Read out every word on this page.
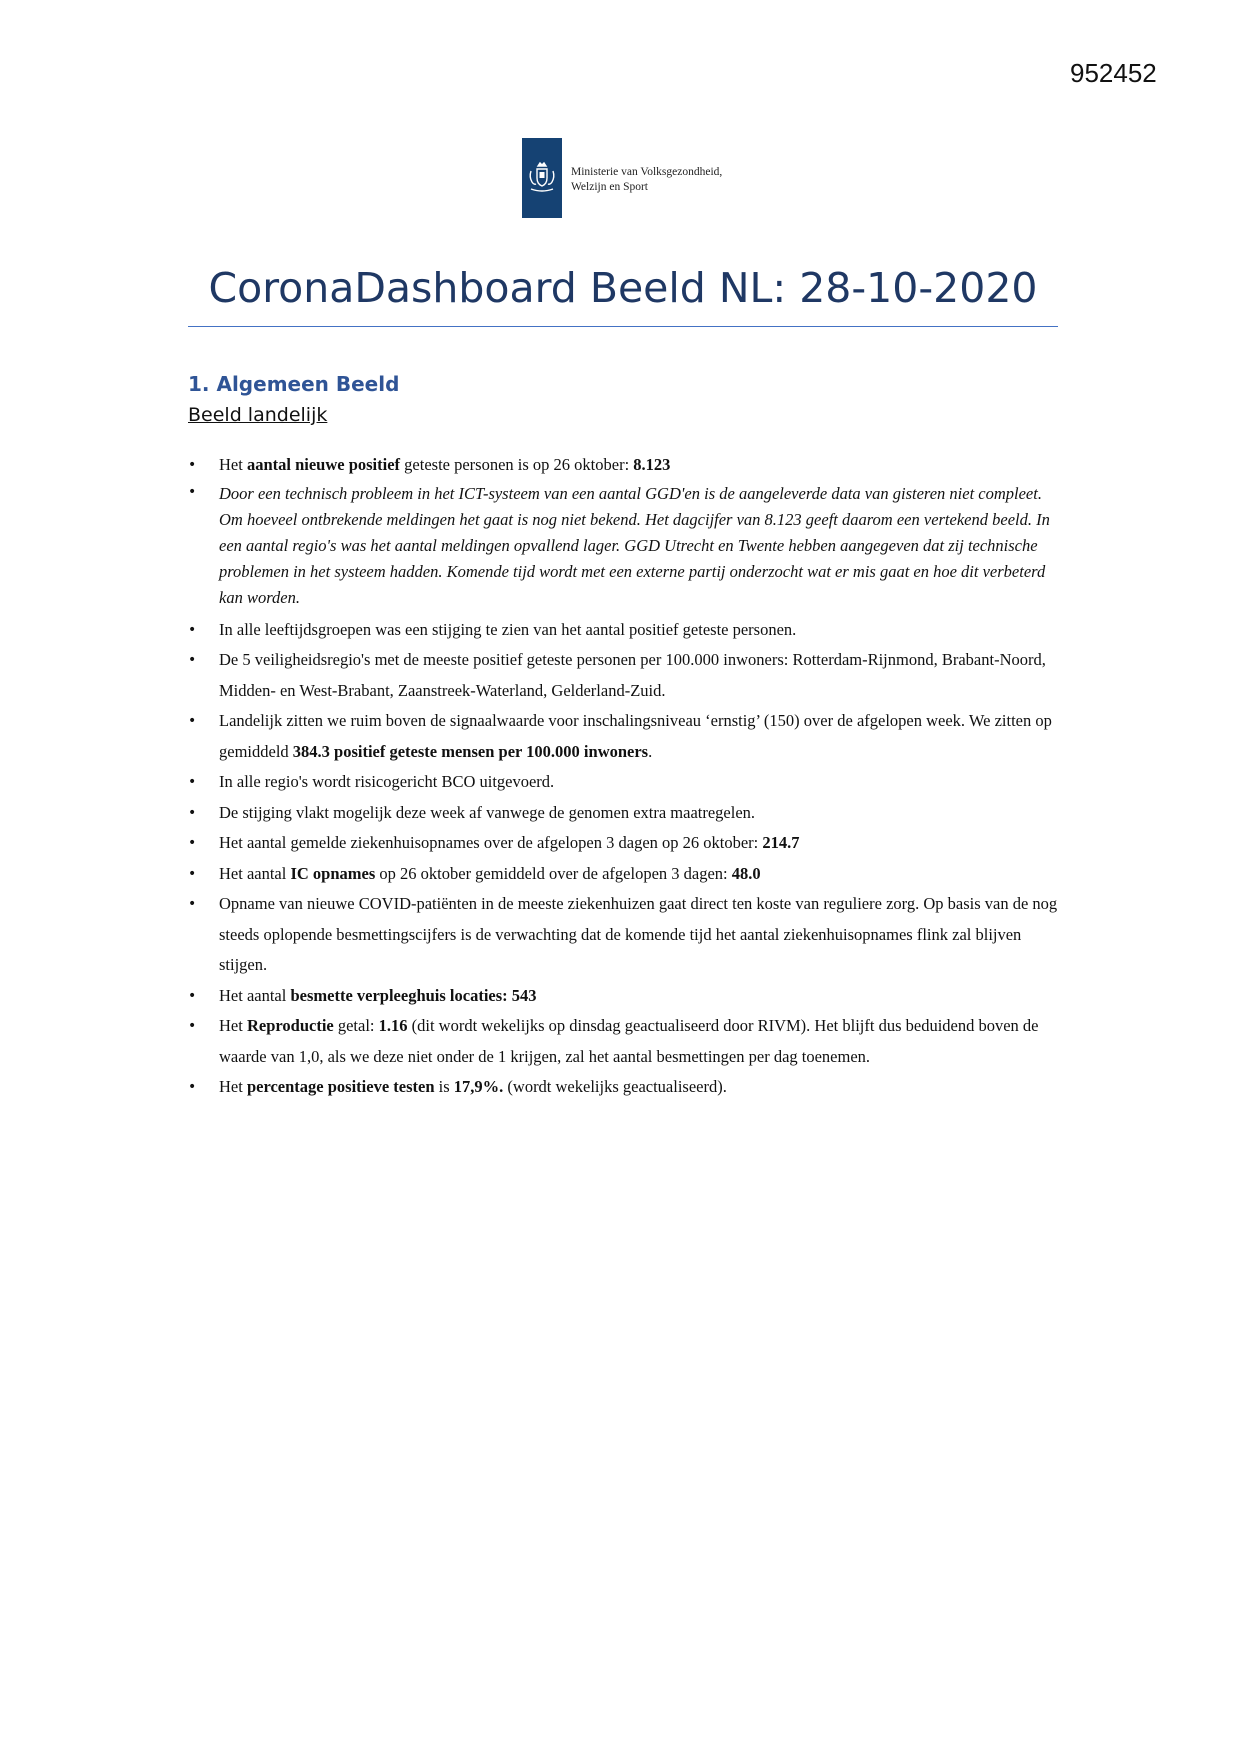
952452
Ministerie van Volksgezondheid,
Welzijn en Sport
CoronaDashboard Beeld NL: 28-10-2020
1. Algemeen Beeld
Beeld landelijk
• Het aantal nieuwe positief geteste personen is op 26 oktober: 8.123
• Door een technisch probleem in het ICT-systeem van een aantal GGD'en is de aangeleverde data van gisteren niet compleet. Om hoeveel ontbrekende meldingen het gaat is nog niet bekend. Het dagcijfer van 8.123 geeft daarom een vertekend beeld. In een aantal regio's was het aantal meldingen opvallend lager. GGD Utrecht en Twente hebben aangegeven dat zij technische problemen in het systeem hadden. Komende tijd wordt met een externe partij onderzocht wat er mis gaat en hoe dit verbeterd kan worden.
• In alle leeftijdsgroepen was een stijging te zien van het aantal positief geteste personen.
• De 5 veiligheidsregio's met de meeste positief geteste personen per 100.000 inwoners: Rotterdam-Rijnmond, Brabant-Noord, Midden- en West-Brabant, Zaanstreek-Waterland, Gelderland-Zuid.
• Landelijk zitten we ruim boven de signaalwaarde voor inschalingsniveau ‘ernstig’ (150) over de afgelopen week. We zitten op gemiddeld 384.3 positief geteste mensen per 100.000 inwoners.
• In alle regio's wordt risicogericht BCO uitgevoerd.
• De stijging vlakt mogelijk deze week af vanwege de genomen extra maatregelen.
• Het aantal gemelde ziekenhuisopnames over de afgelopen 3 dagen op 26 oktober: 214.7
• Het aantal IC opnames op 26 oktober gemiddeld over de afgelopen 3 dagen: 48.0
• Opname van nieuwe COVID-patiënten in de meeste ziekenhuizen gaat direct ten koste van reguliere zorg. Op basis van de nog steeds oplopende besmettingscijfers is de verwachting dat de komende tijd het aantal ziekenhuisopnames flink zal blijven stijgen.
• Het aantal besmette verpleeghuis locaties: 543
• Het Reproductie getal: 1.16 (dit wordt wekelijks op dinsdag geactualiseerd door RIVM). Het blijft dus beduidend boven de waarde van 1,0, als we deze niet onder de 1 krijgen, zal het aantal besmettingen per dag toenemen.
• Het percentage positieve testen is 17,9%. (wordt wekelijks geactualiseerd).
